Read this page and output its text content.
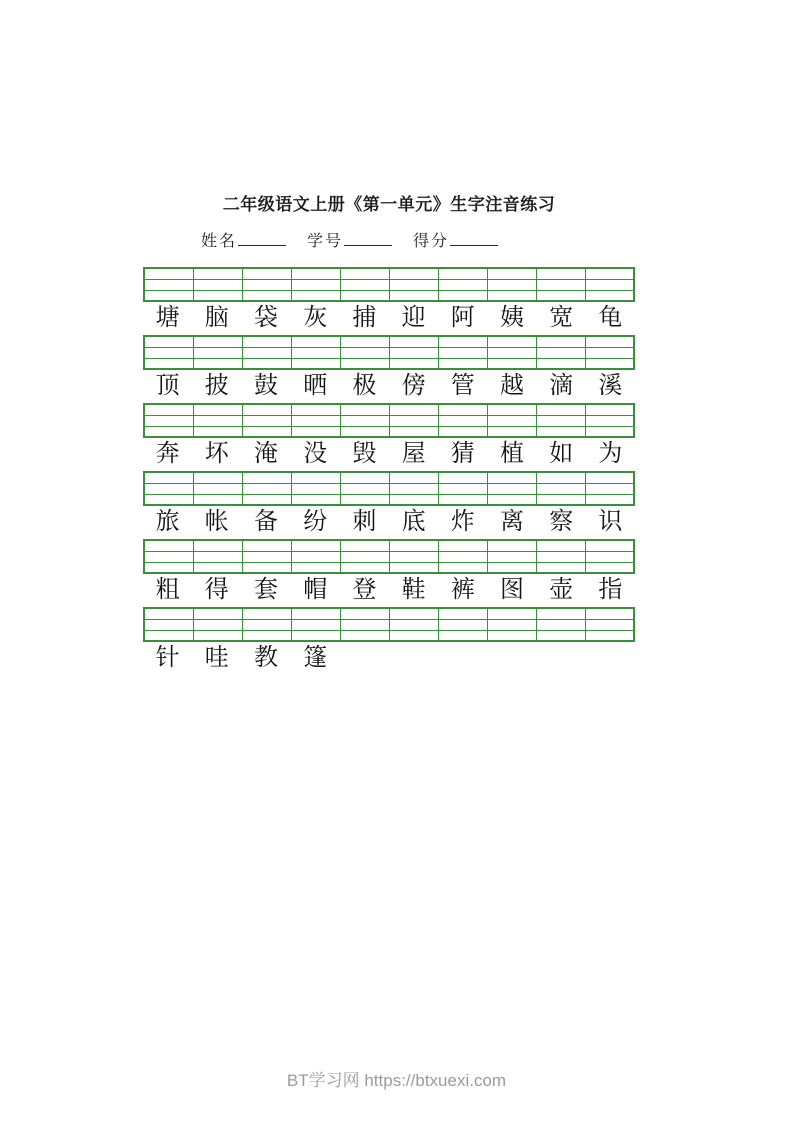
二年级语文上册《第一单元》生字注音练习
姓名	学号	得分

塘	脑	袋	灰	捕	迎	阿	姨	宽	龟

顶	披	鼓	晒	极	傍	管	越	滴	溪

奔	坏	淹	没	毁	屋	猜	植	如	为

旅	帐	备	纷	刺	底	炸	离	察	识

粗	得	套	帽	登	鞋	裤	图	壶	指

针	哇	教	篷
BT学习网 https://btxuexi.com
